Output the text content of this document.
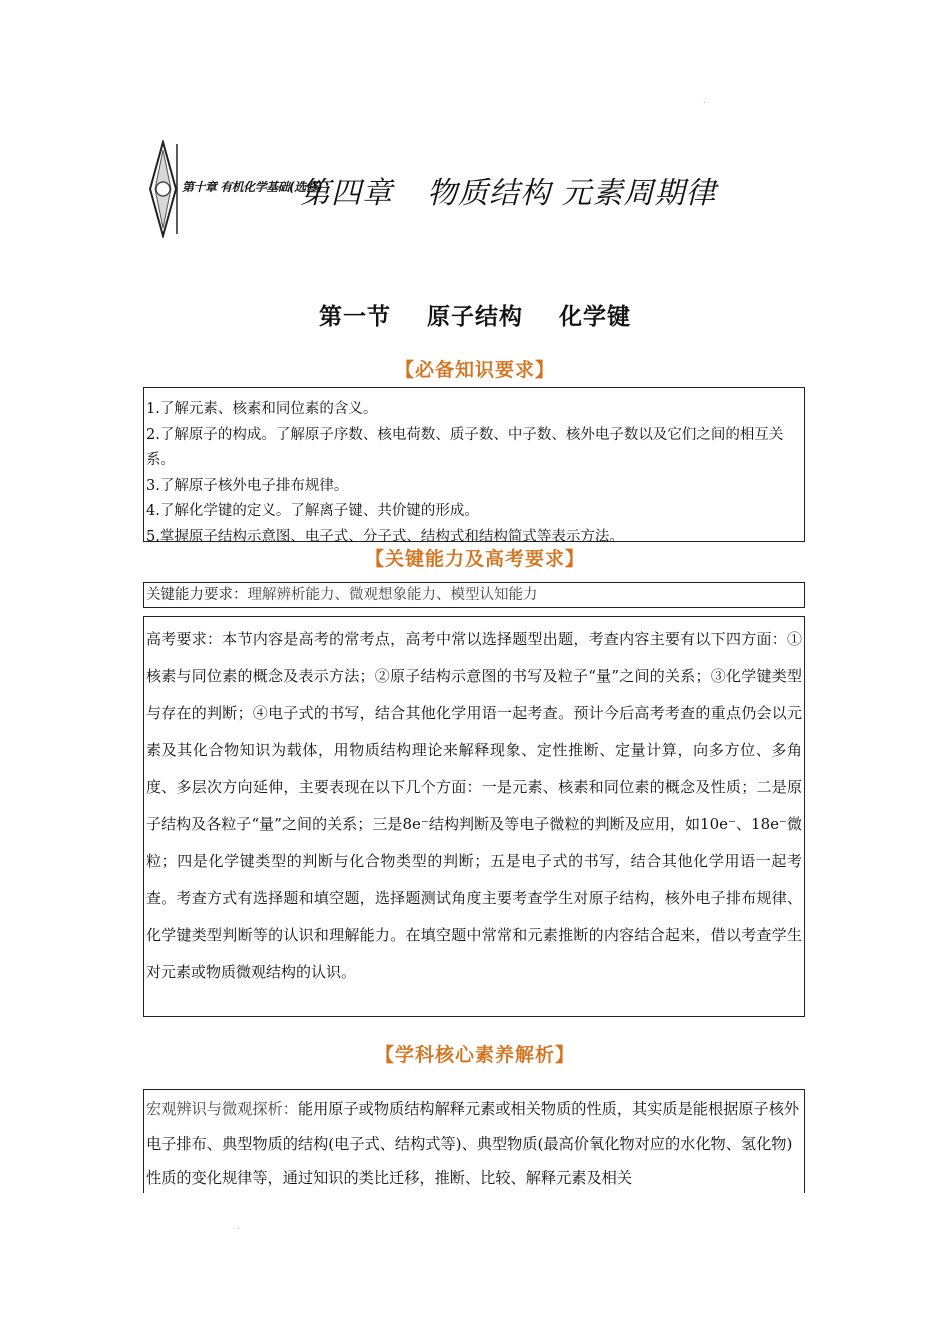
.
第十章 有机化学基础(选修)
第四章 物质结构 元素周期律
第一节    原子结构    化学键
【必备知识要求】

1.了解元素、核素和同位素的含义。

2.了解原子的构成。了解原子序数、核电荷数、质子数、中子数、核外电子数以及它们之间的相互关系。

3.了解原子核外电子排布规律。

4.了解化学键的定义。了解离子键、共价键的形成。

5.掌握原子结构示意图、电子式、分子式、结构式和结构简式等表示方法。

【关键能力及高考要求】

关键能力要求：理解辨析能力、微观想象能力、模型认知能力

高考要求：本节内容是高考的常考点，高考中常以选择题型出题，考查内容主要有以下四方面：①核素与同位素的概念及表示方法；②原子结构示意图的书写及粒子“量”之间的关系；③化学键类型与存在的判断；④电子式的书写，结合其他化学用语一起考查。预计今后高考考查的重点仍会以元素及其化合物知识为载体，用物质结构理论来解释现象、定性推断、定量计算，向多方位、多角度、多层次方向延伸，主要表现在以下几个方面：一是元素、核素和同位素的概念及性质；二是原子结构及各粒子“量”之间的关系；三是8e⁻结构判断及等电子微粒的判断及应用，如10e⁻、18e⁻微粒；四是化学键类型的判断与化合物类型的判断；五是电子式的书写，结合其他化学用语一起考查。考查方式有选择题和填空题，选择题测试角度主要考查学生对原子结构，核外电子排布规律、化学键类型判断等的认识和理解能力。在填空题中常常和元素推断的内容结合起来，借以考查学生对元素或物质微观结构的认识。

【学科核心素养解析】

宏观辨识与微观探析：能用原子或物质结构解释元素或相关物质的性质，其实质是能根据原子核外电子排布、典型物质的结构(电子式、结构式等)、典型物质(最高价氧化物对应的水化物、氢化物)性质的变化规律等，通过知识的类比迁移，推断、比较、解释元素及相关

.
